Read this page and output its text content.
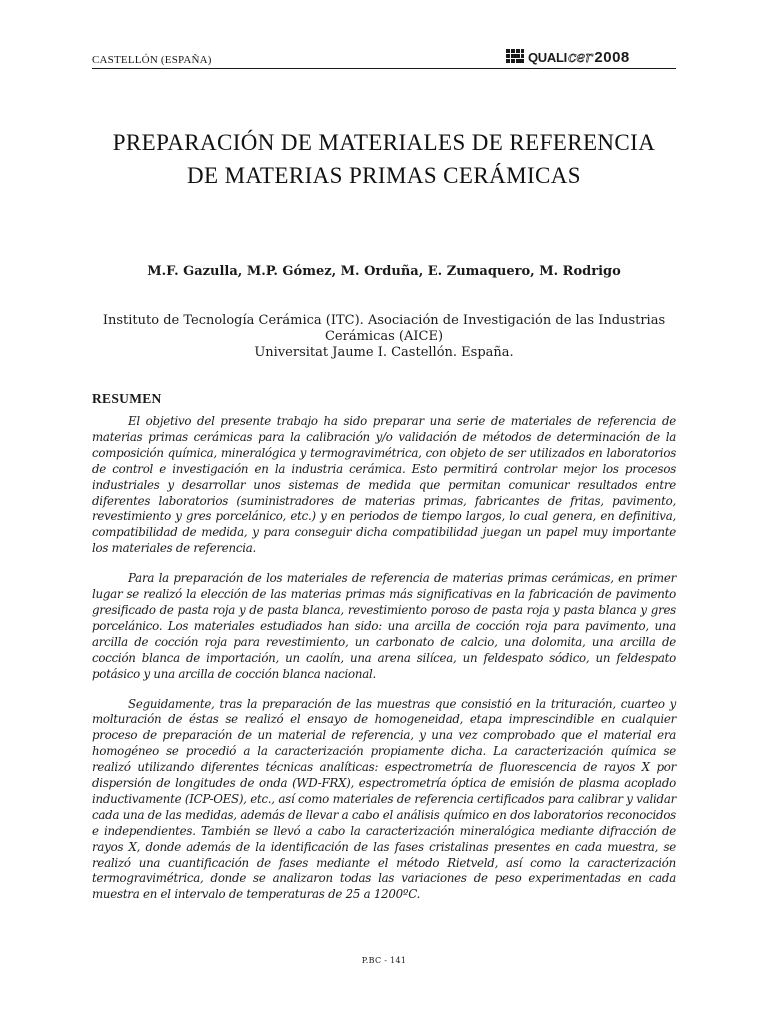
CASTELLÓN (ESPAÑA)	QUALI cer 2008
PREPARACIÓN DE MATERIALES DE REFERENCIA
DE MATERIAS PRIMAS CERÁMICAS
M.F. Gazulla, M.P. Gómez, M. Orduña, E. Zumaquero, M. Rodrigo
Instituto de Tecnología Cerámica (ITC). Asociación de Investigación de las Industrias
Cerámicas (AICE)
Universitat Jaume I. Castellón. España.
RESUMEN

El objetivo del presente trabajo ha sido preparar una serie de materiales de referencia de materias primas cerámicas para la calibración y/o validación de métodos de determinación de la composición química, mineralógica y termogravimétrica, con objeto de ser utilizados en laboratorios de control e investigación en la industria cerámica. Esto permitirá controlar mejor los procesos industriales y desarrollar unos sistemas de medida que permitan comunicar resultados entre diferentes laboratorios (suministradores de materias primas, fabricantes de fritas, pavimento, revestimiento y gres porcelánico, etc.) y en periodos de tiempo largos, lo cual genera, en definitiva, compatibilidad de medida, y para conseguir dicha compatibilidad juegan un papel muy importante los materiales de referencia.

Para la preparación de los materiales de referencia de materias primas cerámicas, en primer lugar se realizó la elección de las materias primas más significativas en la fabricación de pavimento gresificado de pasta roja y de pasta blanca, revestimiento poroso de pasta roja y pasta blanca y gres porcelánico. Los materiales estudiados han sido: una arcilla de cocción roja para pavimento, una arcilla de cocción roja para revestimiento, un carbonato de calcio, una dolomita, una arcilla de cocción blanca de importación, un caolín, una arena silícea, un feldespato sódico, un feldespato potásico y una arcilla de cocción blanca nacional.

Seguidamente, tras la preparación de las muestras que consistió en la trituración, cuarteo y molturación de éstas se realizó el ensayo de homogeneidad, etapa imprescindible en cualquier proceso de preparación de un material de referencia, y una vez comprobado que el material era homogéneo se procedió a la caracterización propiamente dicha. La caracterización química se realizó utilizando diferentes técnicas analíticas: espectrometría de fluorescencia de rayos X por dispersión de longitudes de onda (WD-FRX), espectrometría óptica de emisión de plasma acoplado inductivamente (ICP-OES), etc., así como materiales de referencia certificados para calibrar y validar cada una de las medidas, además de llevar a cabo el análisis químico en dos laboratorios reconocidos e independientes. También se llevó a cabo la caracterización mineralógica mediante difracción de rayos X, donde además de la identificación de las fases cristalinas presentes en cada muestra, se realizó una cuantificación de fases mediante el método Rietveld, así como la caracterización termogravimétrica, donde se analizaron todas las variaciones de peso experimentadas en cada muestra en el intervalo de temperaturas de 25 a 1200ºC.

P.BC - 141
